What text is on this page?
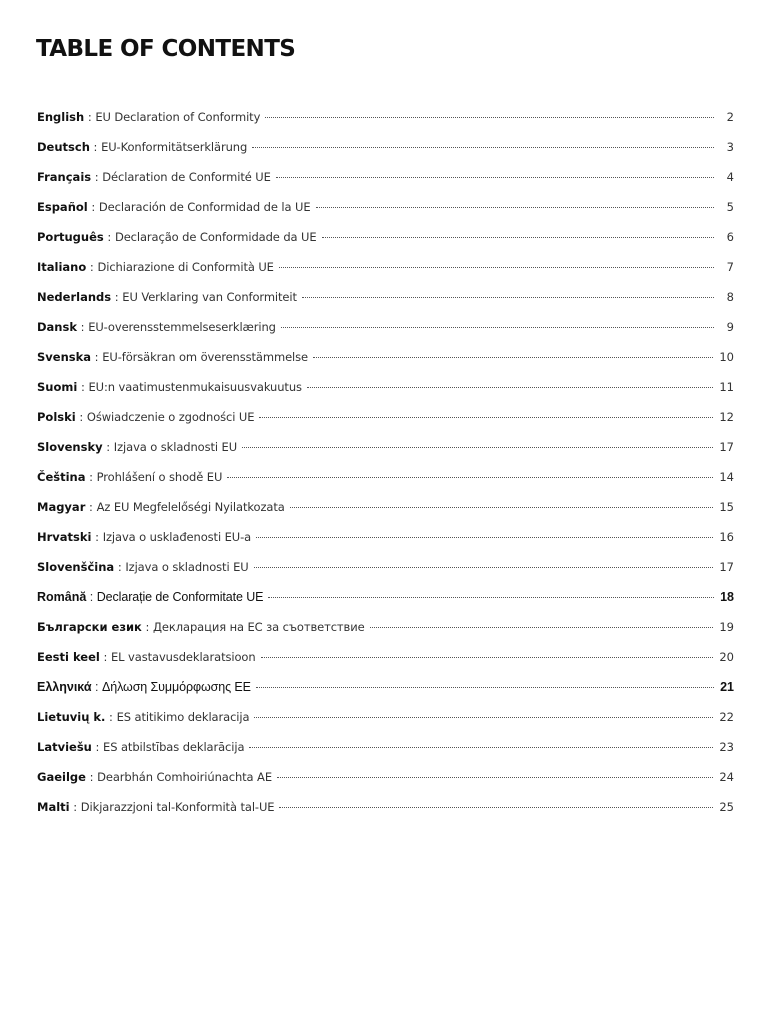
TABLE OF CONTENTS
English : EU Declaration of Conformity	2
Deutsch : EU-Konformitätserklärung	3
Français : Déclaration de Conformité UE	4
Español : Declaración de Conformidad de la UE	5
Português : Declaração de Conformidade da UE	6
Italiano : Dichiarazione di Conformità UE	7
Nederlands : EU Verklaring van Conformiteit	8
Dansk : EU-overensstemmelseserklæring	9
Svenska : EU-försäkran om överensstämmelse	10
Suomi : EU:n vaatimustenmukaisuusvakuutus	11
Polski : Oświadczenie o zgodności UE	12
Slovensky : Izjava o skladnosti EU	17
Čeština : Prohlášení o shodě EU	14
Magyar : Az EU Megfelelőségi Nyilatkozata	15
Hrvatski : Izjava o usklađenosti EU-a	16
Slovenščina : Izjava o skladnosti EU	17
Română : Declarație de Conformitate UE	18
Български език : Декларация на ЕС за съответствие	19
Eesti keel : EL vastavusdeklaratsioon	20
Ελληνικά : Δήλωση Συμμόρφωσης ΕΕ	21
Lietuvių k. : ES atitikimo deklaracija	22
Latviešu : ES atbilstības deklarācija	23
Gaeilge : Dearbhán Comhoiriúnachta AE	24
Malti : Dikjarazzjoni tal-Konformità tal-UE	25
